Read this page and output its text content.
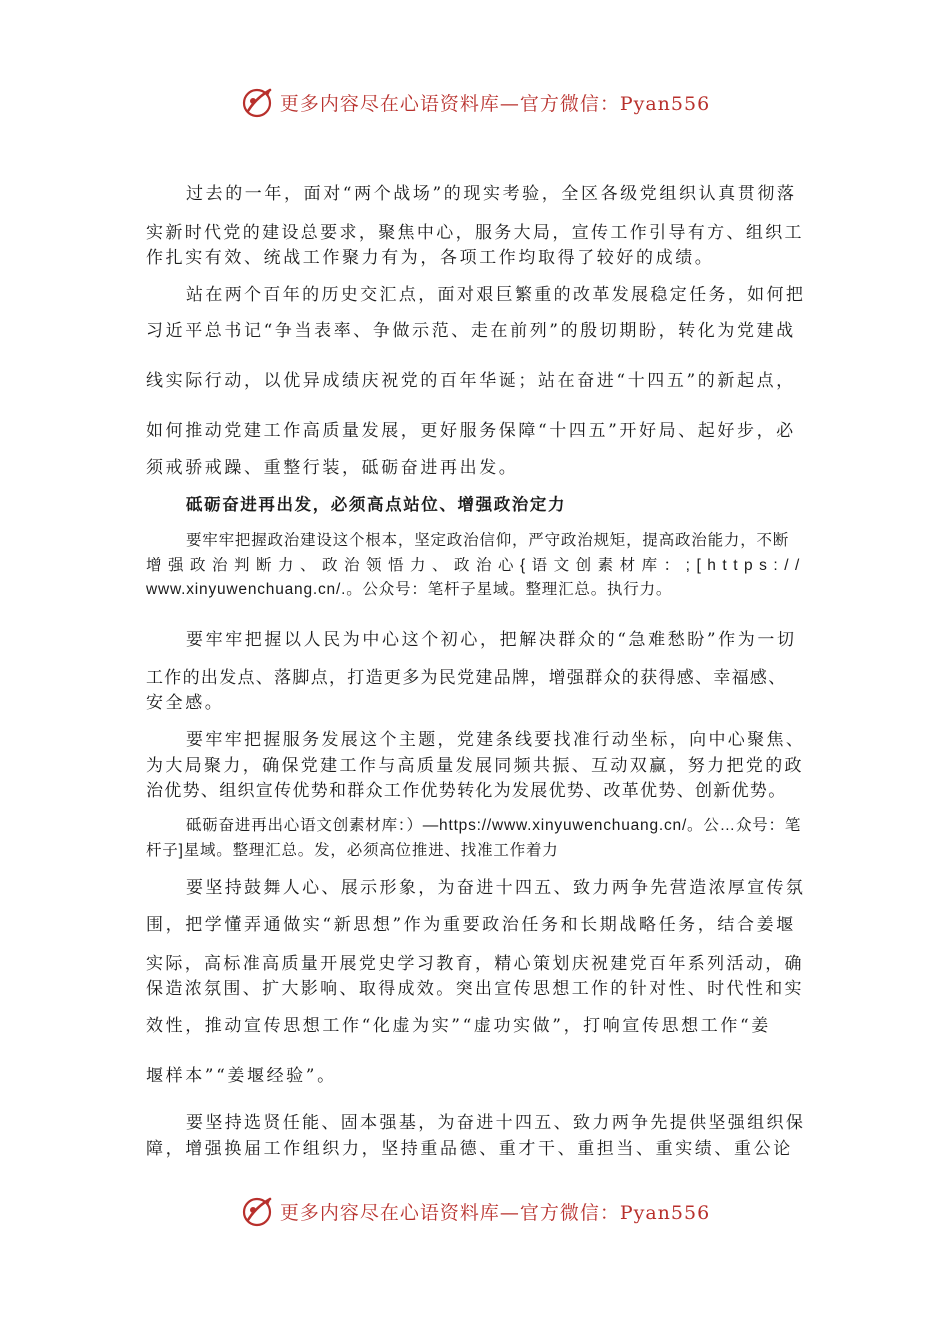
更多内容尽在心语资料库—官方微信：Pyan556
过去的一年，面对“两个战场”的现实考验，全区各级党组织认真贯彻落
实新时代党的建设总要求，聚焦中心，服务大局，宣传工作引导有方、组织工
作扎实有效、统战工作聚力有为，各项工作均取得了较好的成绩。
站在两个百年的历史交汇点，面对艰巨繁重的改革发展稳定任务，如何把
习近平总书记“争当表率、争做示范、走在前列”的殷切期盼，转化为党建战
线实际行动，以优异成绩庆祝党的百年华诞；站在奋进“十四五”的新起点，
如何推动党建工作高质量发展，更好服务保障“十四五”开好局、起好步，必
须戒骄戒躁、重整行装，砥砺奋进再出发。
砥砺奋进再出发，必须高点站位、增强政治定力
要牢牢把握政治建设这个根本，坚定政治信仰，严守政治规矩，提高政治能力，不断
增强政治判断力、政治领悟力、政治心{语文创素材库：;[https://
www.xinyuwenchuang.cn/.。公众号：笔杆子星域。整理汇总。执行力。
要牢牢把握以人民为中心这个初心，把解决群众的“急难愁盼”作为一切
工作的出发点、落脚点，打造更多为民党建品牌，增强群众的获得感、幸福感、
安全感。
要牢牢把握服务发展这个主题，党建条线要找准行动坐标，向中心聚焦、
为大局聚力，确保党建工作与高质量发展同频共振、互动双赢，努力把党的政
治优势、组织宣传优势和群众工作优势转化为发展优势、改革优势、创新优势。
砥砺奋进再出心语文创素材库：）—https://www.xinyuwenchuang.cn/。公…众号：笔
杆子]星域。整理汇总。发，必须高位推进、找准工作着力
要坚持鼓舞人心、展示形象，为奋进十四五、致力两争先营造浓厚宣传氛
围，把学懂弄通做实“新思想”作为重要政治任务和长期战略任务，结合姜堰
实际，高标准高质量开展党史学习教育，精心策划庆祝建党百年系列活动，确
保造浓氛围、扩大影响、取得成效。突出宣传思想工作的针对性、时代性和实
效性，推动宣传思想工作“化虚为实”“虚功实做”，打响宣传思想工作“姜
堰样本”“姜堰经验”。
要坚持选贤任能、固本强基，为奋进十四五、致力两争先提供坚强组织保
障，增强换届工作组织力，坚持重品德、重才干、重担当、重实绩、重公论
更多内容尽在心语资料库—官方微信：Pyan556
